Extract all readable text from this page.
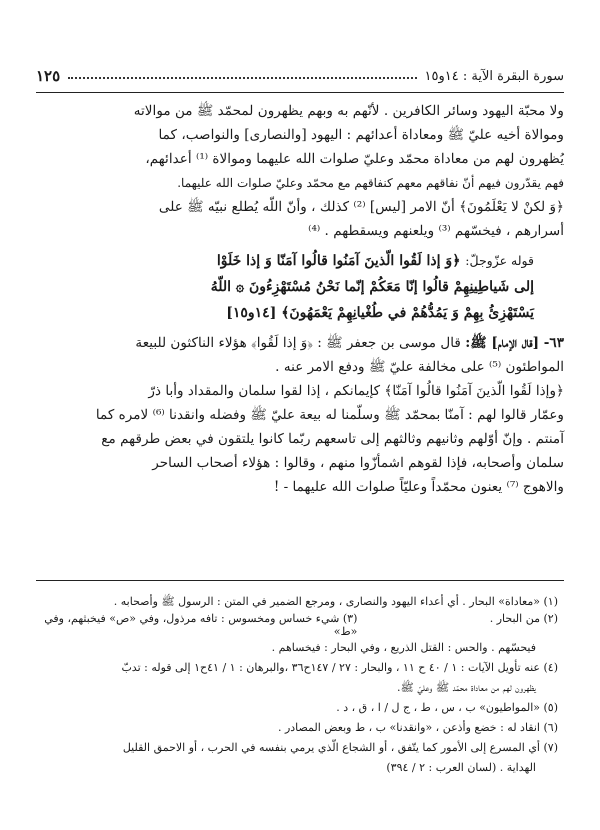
سورة البقرة الآية : ١٤و١٥
١٢٥

ولا محبّة اليهود وسائر الكافرين . لأنّهم به وبهم يظهرون لمحمّد ﷺ من موالاته

وموالاة أخيه عليّ ﷺ ومعاداة أعدائهم : اليهود [والنصارى] والنواصب، كما

يُظهرون لهم من معاداة محمّد وعليّ صلوات الله عليهما وموالاة ⁽¹⁾ أعدائهم،

فهم يقدّرون فيهم أنّ نفاقهم معهم كنفاقهم مع محمّد وعليّ صلوات الله عليهما.

﴿وَ لكنْ لا يَعْلَمُونَ﴾ أنّ الامر [ليس] ⁽²⁾ كذلك ، وأنّ اللّه يُطلع نبيّه ﷺ على

أسرارهم ، فيخسّهم ⁽³⁾ ويلعنهم ويسقطهم . ⁽⁴⁾

قوله عزّوجلّ: ﴿وَ إذا لَقُوا الّذينَ آمَنُوا قالُوا آمَنّا وَ إذا خَلَوْا
إلى شَياطِينِهِمْ قالُوا إنّا مَعَكُمْ إنّما نَحْنُ مُسْتَهْزِءُونَ ۞ اللّهُ
يَسْتَهْزِئُ بِهِمْ وَ يَمُدُّهُمْ في طُغْيانِهِمْ يَعْمَهُونَ﴾ [١٤و١٥]

٦٣- [قال الإمام] ﷺ: قال موسى بن جعفر ﷺ : ﴿وَ إذا لَقُوا﴾ هؤلاء الناكثون للبيعة

المواطئون ⁽⁵⁾ على مخالفة عليّ ﷺ ودفع الامر عنه .

﴿وإذا لَقُوا الّذينَ آمَنُوا قالُوا آمَنّا﴾ كإيمانكم ، إذا لقوا سلمان والمقداد وأبا ذرّ

وعمّار قالوا لهم : آمنّا بمحمّد ﷺ وسلّمنا له بيعة عليّ ﷺ وفضله وانقدنا ⁽⁶⁾ لامره كما

آمنتم . وإنّ أوّلهم وثانيهم وثالثهم إلى تاسعهم ربّما كانوا يلتقون في بعض طرقهم مع

سلمان وأصحابه، فإذا لقوهم اشمأزّوا منهم ، وقالوا : هؤلاء أصحاب الساحر

والاهوج ⁽⁷⁾ يعنون محمّداً وعليّاً صلوات الله عليهما - !

(١) «معاداة» البحار . أي أعداء اليهود والنصارى ، ومرجع الضمير في المتن : الرسول ﷺ وأصحابه .

(٢) من البحار .
(٣) شيء خساس ومخسوس : تافه مرذول، وفي «ص» فيخبثهم، وفي «ط»

فيحسّهم . والحس : القتل الذريع ، وفي البحار : فيخساهم .

(٤) عنه تأويل الآيات : ١ / ٤٠ ح ١١ ، والبحار : ٢٧ / ١٤٧ح٣٦ ،والبرهان : ١ / ٤١ح١ إلى قوله : تدبّ

يظهرون لهم من معاداة محمّد ﷺ وعليّ ﷺ.

(٥) «المواطيون» ب ، س ، ط ، ج ل / ا ، ق ، د .

(٦) انقاد له : خضع وأذعن ، «وانقدنا» ب ، ط وبعض المصادر .

(٧) أي المسرع إلى الأمور كما يتّفق ، أو الشجاع الّذي يرمي بنفسه في الحرب ، أو الاحمق القليل

الهداية . (لسان العرب : ٢ / ٣٩٤)
